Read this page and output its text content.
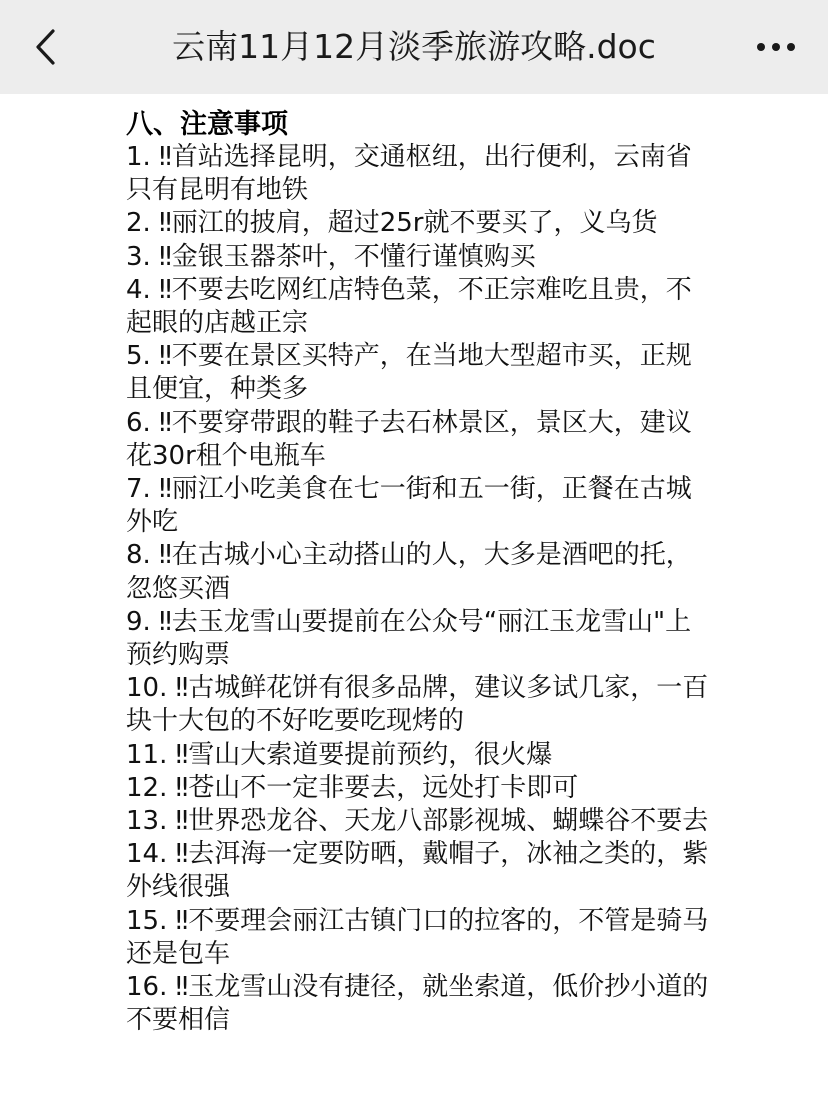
云南11月12月淡季旅游攻略.doc
八、注意事项
1. ‼首站选择昆明，交通枢纽，出行便利，云南省只有昆明有地铁
2. ‼丽江的披肩，超过25r就不要买了，义乌货
3. ‼金银玉器茶叶，不懂行谨慎购买
4. ‼不要去吃网红店特色菜，不正宗难吃且贵，不起眼的店越正宗
5. ‼不要在景区买特产，在当地大型超市买，正规且便宜，种类多
6. ‼不要穿带跟的鞋子去石林景区，景区大，建议花30r租个电瓶车
7. ‼丽江小吃美食在七一街和五一街，正餐在古城外吃
8. ‼在古城小心主动搭山的人，大多是酒吧的托，忽悠买酒
9. ‼去玉龙雪山要提前在公众号“丽江玉龙雪山"上预约购票
10. ‼古城鲜花饼有很多品牌，建议多试几家，一百块十大包的不好吃要吃现烤的
11. ‼雪山大索道要提前预约，很火爆
12. ‼苍山不一定非要去，远处打卡即可
13. ‼世界恐龙谷、天龙八部影视城、蝴蝶谷不要去
14. ‼去洱海一定要防晒，戴帽子，冰袖之类的，紫外线很强
15. ‼不要理会丽江古镇门口的拉客的，不管是骑马还是包车
16. ‼玉龙雪山没有捷径，就坐索道，低价抄小道的不要相信
